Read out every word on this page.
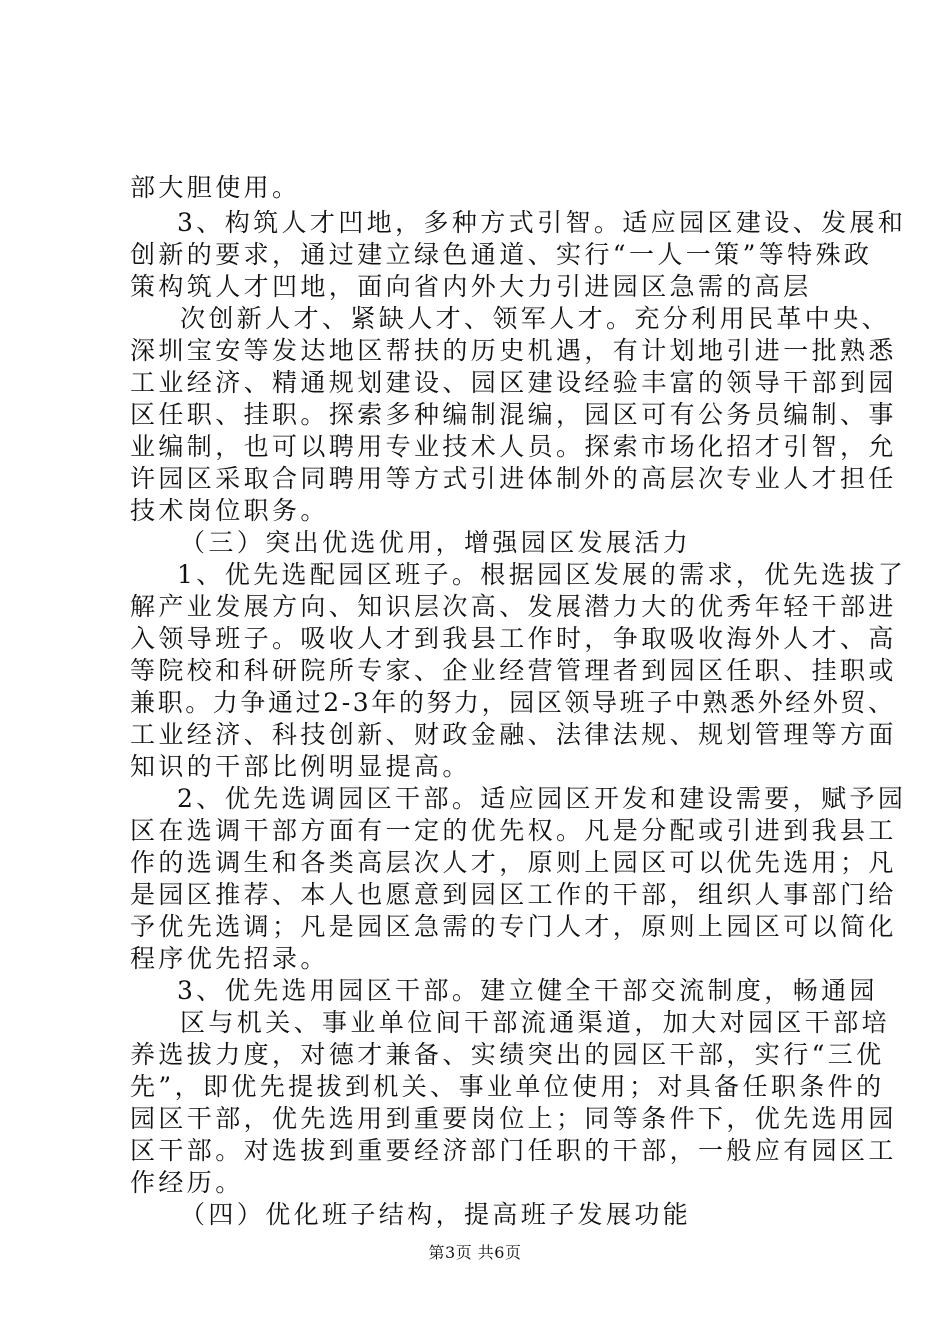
部大胆使用。
3、构筑人才凹地，多种方式引智。适应园区建设、发展和
创新的要求，通过建立绿色通道、实行“一人一策”等特殊政
策构筑人才凹地，面向省内外大力引进园区急需的高层
次创新人才、紧缺人才、领军人才。充分利用民革中央、
深圳宝安等发达地区帮扶的历史机遇，有计划地引进一批熟悉
工业经济、精通规划建设、园区建设经验丰富的领导干部到园
区任职、挂职。探索多种编制混编，园区可有公务员编制、事
业编制，也可以聘用专业技术人员。探索市场化招才引智，允
许园区采取合同聘用等方式引进体制外的高层次专业人才担任
技术岗位职务。
（三）突出优选优用，增强园区发展活力
1、优先选配园区班子。根据园区发展的需求，优先选拔了
解产业发展方向、知识层次高、发展潜力大的优秀年轻干部进
入领导班子。吸收人才到我县工作时，争取吸收海外人才、高
等院校和科研院所专家、企业经营管理者到园区任职、挂职或
兼职。力争通过2-3年的努力，园区领导班子中熟悉外经外贸、
工业经济、科技创新、财政金融、法律法规、规划管理等方面
知识的干部比例明显提高。
2、优先选调园区干部。适应园区开发和建设需要，赋予园
区在选调干部方面有一定的优先权。凡是分配或引进到我县工
作的选调生和各类高层次人才，原则上园区可以优先选用；凡
是园区推荐、本人也愿意到园区工作的干部，组织人事部门给
予优先选调；凡是园区急需的专门人才，原则上园区可以简化
程序优先招录。
3、优先选用园区干部。建立健全干部交流制度，畅通园
区与机关、事业单位间干部流通渠道，加大对园区干部培
养选拔力度，对德才兼备、实绩突出的园区干部，实行“三优
先”，即优先提拔到机关、事业单位使用；对具备任职条件的
园区干部，优先选用到重要岗位上；同等条件下，优先选用园
区干部。对选拔到重要经济部门任职的干部，一般应有园区工
作经历。
（四）优化班子结构，提高班子发展功能
第3页 共6页
